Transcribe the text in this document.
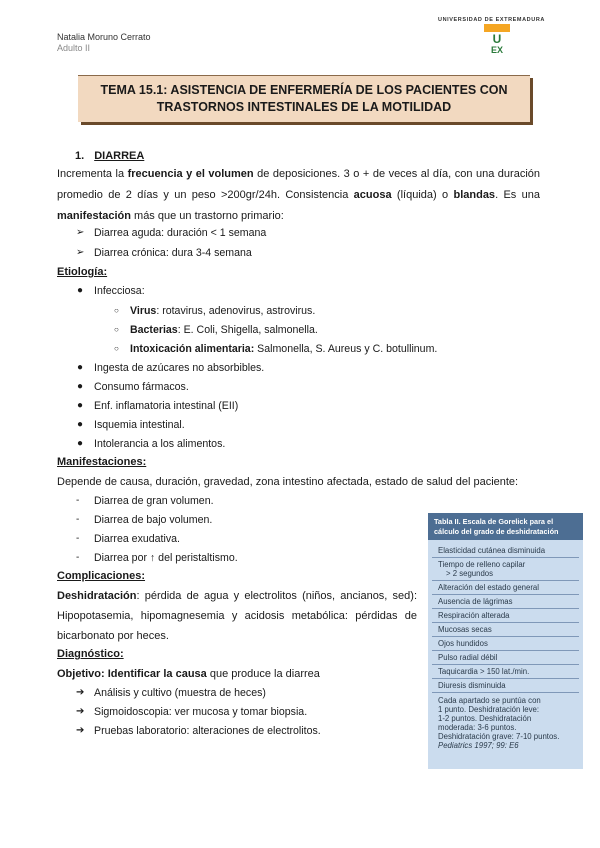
Natalia Moruno Cerrato
Adulto II
UNIVERSIDAD DE EXTREMADURA
U
EX
TEMA 15.1: ASISTENCIA DE ENFERMERÍA DE LOS PACIENTES CON
TRASTORNOS INTESTINALES DE LA MOTILIDAD
1. DIARREA
Incrementa la frecuencia y el volumen de deposiciones. 3 o + de veces al día, con una duración
promedio de 2 días y un peso >200gr/24h. Consistencia acuosa (líquida) o blandas. Es una
manifestación más que un trastorno primario:
➢ Diarrea aguda: duración < 1 semana
➢ Diarrea crónica: dura 3-4 semana
Etiología:
● Infecciosa:
○ Virus: rotavirus, adenovirus, astrovirus.
○ Bacterias: E. Coli, Shigella, salmonella.
○ Intoxicación alimentaria: Salmonella, S. Aureus y C. botullinum.
● Ingesta de azúcares no absorbibles.
● Consumo fármacos.
● Enf. inflamatoria intestinal (EII)
● Isquemia intestinal.
● Intolerancia a los alimentos.
Manifestaciones:
Depende de causa, duración, gravedad, zona intestino afectada, estado de salud del paciente:
- Diarrea de gran volumen.
- Diarrea de bajo volumen.
- Diarrea exudativa.
- Diarrea por ↑ del peristaltismo.
Complicaciones:
Deshidratación: pérdida de agua y electrolitos (niños, ancianos, sed):
Hipopotasemia, hipomagnesemia y acidosis metabólica: pérdidas de
bicarbonato por heces.
Diagnóstico:
Objetivo: Identificar la causa que produce la diarrea
➔ Análisis y cultivo (muestra de heces)
➔ Sigmoidoscopia: ver mucosa y tomar biopsia.
➔ Pruebas laboratorio: alteraciones de electrolitos.
Tabla II. Escala de Gorelick para el
cálculo del grado de deshidratación
Elasticidad cutánea disminuida
Tiempo de relleno capilar
> 2 segundos
Alteración del estado general
Ausencia de lágrimas
Respiración alterada
Mucosas secas
Ojos hundidos
Pulso radial débil
Taquicardia > 150 lat./min.
Diuresis disminuida
Cada apartado se puntúa con
1 punto. Deshidratación leve:
1-2 puntos. Deshidratación
moderada: 3-6 puntos.
Deshidratación grave: 7-10 puntos.
Pediatrics 1997; 99: E6
